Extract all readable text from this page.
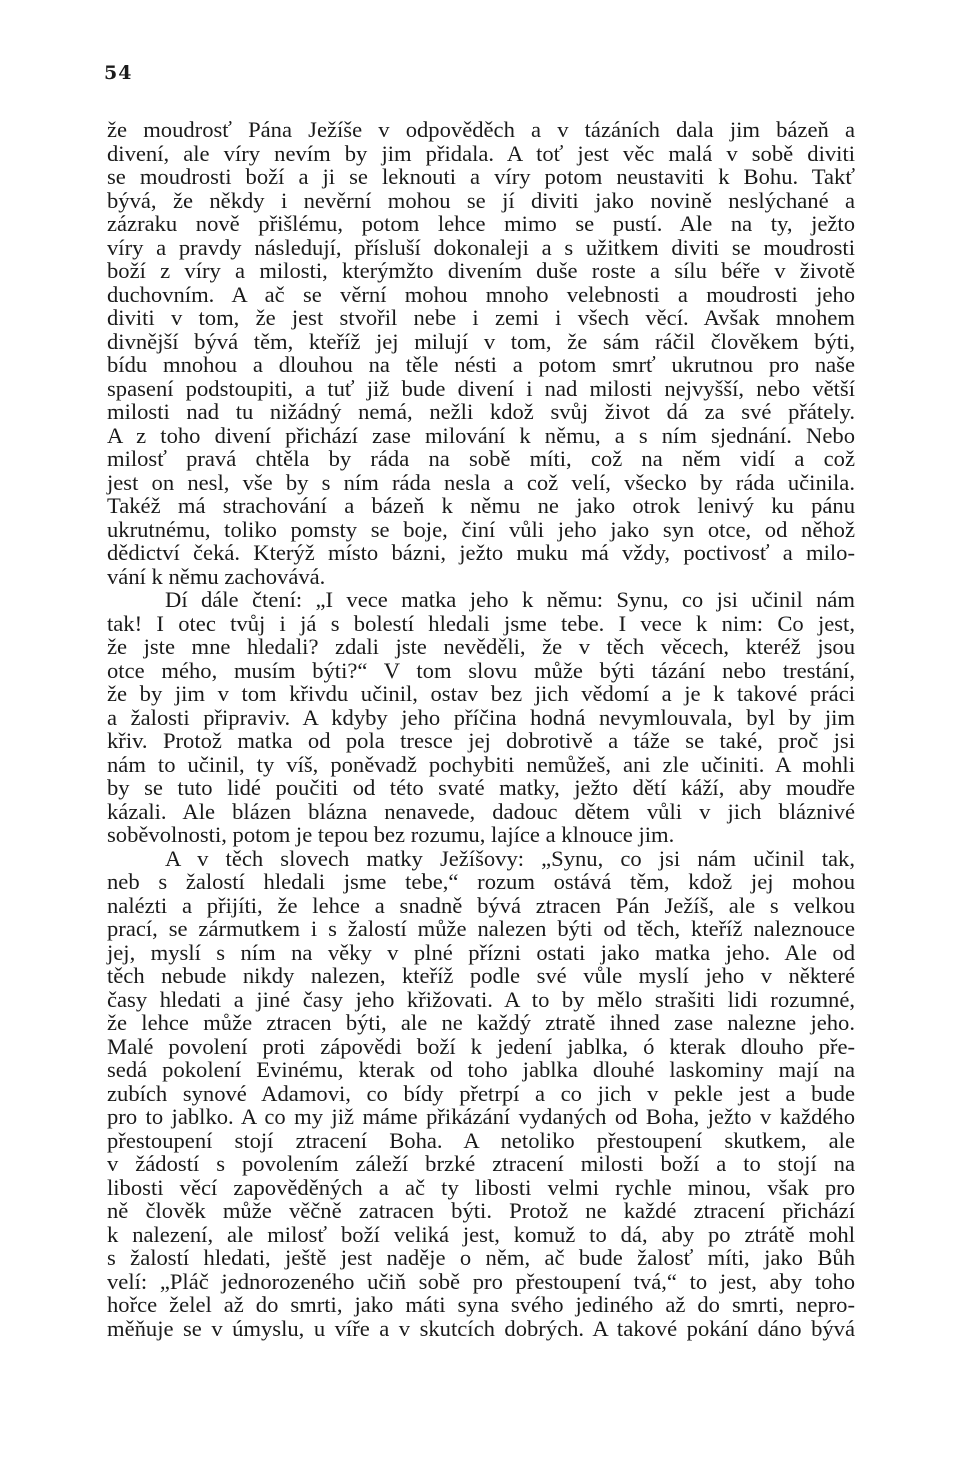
54
že moudrosť Pána Ježíše v odpověděch a v tázáních dala jim bázeň a
divení, ale víry nevím by jim přidala. A toť jest věc malá v sobě diviti
se moudrosti boží a ji se leknouti a víry potom neustaviti k Bohu. Takť
bývá, že někdy i nevěrní mohou se jí diviti jako novině neslýchané a
zázraku nově přišlému, potom lehce mimo se pustí. Ale na ty, ježto
víry a pravdy následují, přísluší dokonaleji a s užitkem diviti se moudrosti
boží z víry a milosti, kterýmžto divením duše roste a sílu béře v životě
duchovním. A ač se věrní mohou mnoho velebnosti a moudrosti jeho
diviti v tom, že jest stvořil nebe i zemi i všech věcí. Avšak mnohem
divnější bývá těm, kteříž jej milují v tom, že sám ráčil člověkem býti,
bídu mnohou a dlouhou na těle nésti a potom smrť ukrutnou pro naše
spasení podstoupiti, a tuť již bude divení i nad milosti nejvyšší, nebo větší
milosti nad tu nižádný nemá, nežli kdož svůj život dá za své přátely.
A z toho divení přichází zase milování k němu, a s ním sjednání. Nebo
milosť pravá chtěla by ráda na sobě míti, což na něm vidí a což
jest on nesl, vše by s ním ráda nesla a což velí, všecko by ráda učinila.
Takéž má strachování a bázeň k němu ne jako otrok lenivý ku pánu
ukrutnému, toliko pomsty se boje, činí vůli jeho jako syn otce, od něhož
dědictví čeká. Kterýž místo bázni, ježto muku má vždy, poctivosť a milo-
vání k němu zachovává.
Dí dále čtení: „I vece matka jeho k němu: Synu, co jsi učinil nám
tak! I otec tvůj i já s bolestí hledali jsme tebe. I vece k nim: Co jest,
že jste mne hledali? zdali jste nevěděli, že v těch věcech, kteréž jsou
otce mého, musím býti?“ V tom slovu může býti tázání nebo trestání,
že by jim v tom křivdu učinil, ostav bez jich vědomí a je k takové práci
a žalosti připraviv. A kdyby jeho příčina hodná nevymlouvala, byl by jim
křiv. Protož matka od pola tresce jej dobrotivě a táže se také, proč jsi
nám to učinil, ty víš, poněvadž pochybiti nemůžeš, ani zle učiniti. A mohli
by se tuto lidé poučiti od této svaté matky, ježto dětí káží, aby moudře
kázali. Ale blázen blázna nenavede, dadouc dětem vůli v jich bláznivé
soběvolnosti, potom je tepou bez rozumu, lajíce a klnouce jim.
A v těch slovech matky Ježíšovy: „Synu, co jsi nám učinil tak,
neb s žalostí hledali jsme tebe,“ rozum ostává těm, kdož jej mohou
nalézti a přijíti, že lehce a snadně bývá ztracen Pán Ježíš, ale s velkou
prací, se zármutkem i s žalostí může nalezen býti od těch, kteříž naleznouce
jej, myslí s ním na věky v plné přízni ostati jako matka jeho. Ale od
těch nebude nikdy nalezen, kteříž podle své vůle myslí jeho v některé
časy hledati a jiné časy jeho křižovati. A to by mělo strašiti lidi rozumné,
že lehce může ztracen býti, ale ne každý ztratě ihned zase nalezne jeho.
Malé povolení proti zápovědi boží k jedení jablka, ó kterak dlouho pře-
sedá pokolení Evinému, kterak od toho jablka dlouhé laskominy mají na
zubích synové Adamovi, co bídy přetrpí a co jich v pekle jest a bude
pro to jablko. A co my již máme přikázání vydaných od Boha, ježto v každého
přestoupení stojí ztracení Boha. A netoliko přestoupení skutkem, ale
v žádostí s povolením záleží brzké ztracení milosti boží a to stojí na
libosti věcí zapověděných a ač ty libosti velmi rychle minou, však pro
ně člověk může věčně zatracen býti. Protož ne každé ztracení přichází
k nalezení, ale milosť boží veliká jest, komuž to dá, aby po ztrátě mohl
s žalostí hledati, ještě jest naděje o něm, ač bude žalosť míti, jako Bůh
velí: „Pláč jednorozeného učiň sobě pro přestoupení tvá,“ to jest, aby toho
hořce želel až do smrti, jako máti syna svého jediného až do smrti, nepro-
měňuje se v úmyslu, u víře a v skutcích dobrých. A takové pokání dáno bývá
